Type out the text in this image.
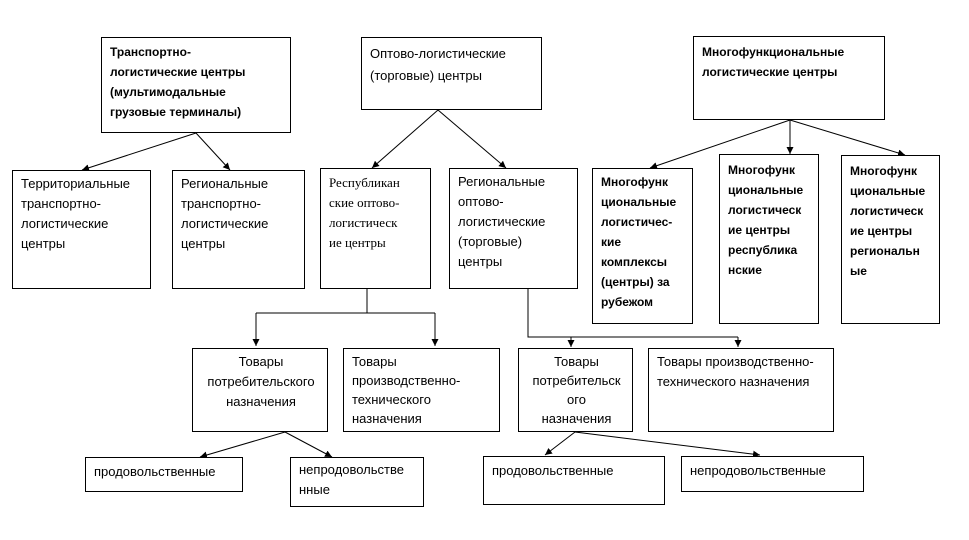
Транспортно-
логистические центры
(мультимодальные
грузовые терминалы)
Оптово-логистические
(торговые) центры
Многофункциональные
логистические центры
Территориальные
транспортно-
логистические
центры
Региональные
транспортно-
логистические
центры
Республикан
ские оптово-
логистическ
ие центры
Региональные
оптово-
логистические
(торговые)
центры
Многофунк
циональные
логистичес-
кие
комплексы
(центры) за
рубежом
Многофунк
циональные
логистическ
ие центры
республика
нские
Многофунк
циональные
логистическ
ие центры
региональн
ые
Товары
потребительского
назначения
Товары
производственно-
технического
назначения
Товары
потребительск
ого
назначения
Товары производственно-
технического назначения
продовольственные	непродовольстве
нные
продовольственные	непродовольственные
